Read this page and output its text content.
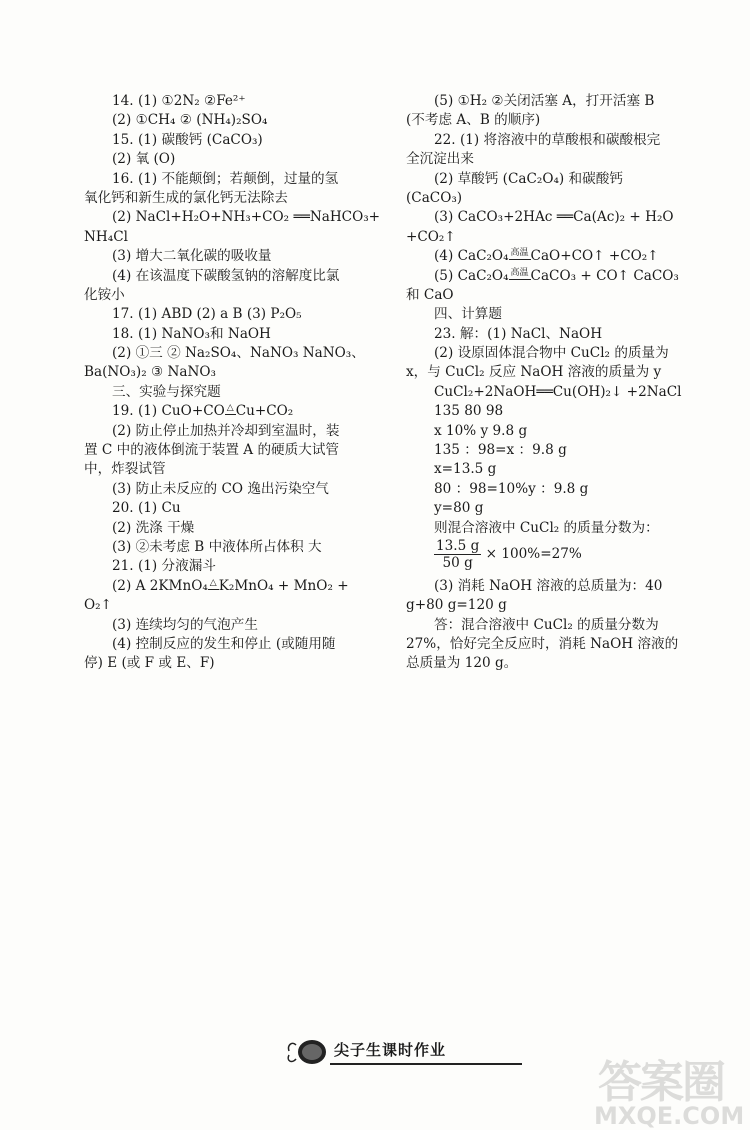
14. (1) ①2N₂ ②Fe²⁺
(2) ①CH₄ ② (NH₄)₂SO₄
15. (1) 碳酸钙 (CaCO₃)
(2) 氧 (O)
16. (1) 不能颠倒；若颠倒，过量的氢
氧化钙和新生成的氯化钙无法除去
(2) NaCl+H₂O+NH₃+CO₂ ══NaHCO₃+
NH₄Cl
(3) 增大二氧化碳的吸收量
(4) 在该温度下碳酸氢钠的溶解度比氯
化铵小
17. (1) ABD (2) a B (3) P₂O₅
18. (1) NaNO₃和 NaOH
(2) ①三 ② Na₂SO₄、NaNO₃ NaNO₃、
Ba(NO₃)₂ ③ NaNO₃
三、实验与探究题
19. (1) CuO+CO △ Cu+CO₂
(2) 防止停止加热并冷却到室温时，装
置 C 中的液体倒流于装置 A 的硬质大试管
中，炸裂试管
(3) 防止未反应的 CO 逸出污染空气
20. (1) Cu
(2) 洗涤 干燥
(3) ②未考虑 B 中液体所占体积 大
21. (1) 分液漏斗
(2) A 2KMnO₄ △ K₂MnO₄ + MnO₂ +
O₂↑
(3) 连续均匀的气泡产生
(4) 控制反应的发生和停止 (或随用随
停) E (或 F 或 E、F)
(5) ①H₂ ②关闭活塞 A，打开活塞 B
(不考虑 A、B 的顺序)
22. (1) 将溶液中的草酸根和碳酸根完
全沉淀出来
(2) 草酸钙 (CaC₂O₄) 和碳酸钙
(CaCO₃)
(3) CaCO₃+2HAc ══Ca(Ac)₂ + H₂O
+CO₂↑
(4) CaC₂O₄ 高温 CaO+CO↑ +CO₂↑
(5) CaC₂O₄ 高温 CaCO₃ + CO↑ CaCO₃
和 CaO
四、计算题
23. 解：(1) NaCl、NaOH
(2) 设原固体混合物中 CuCl₂ 的质量为
x，与 CuCl₂ 反应 NaOH 溶液的质量为 y
CuCl₂+2NaOH══Cu(OH)₂↓ +2NaCl
135 80 98
x 10% y 9.8 g
135 ：98=x ：9.8 g
x=13.5 g
80 ：98=10%y ：9.8 g
y=80 g
则混合溶液中 CuCl₂ 的质量分数为：
$\frac{13.5 g}{50 g} \times 100\%=27\%$
(3) 消耗 NaOH 溶液的总质量为：40
g+80 g=120 g
答：混合溶液中 CuCl₂ 的质量分数为
27%，恰好完全反应时，消耗 NaOH 溶液的
总质量为 120 g。
尖子生课时作业
答案圈
MXQE.COM
